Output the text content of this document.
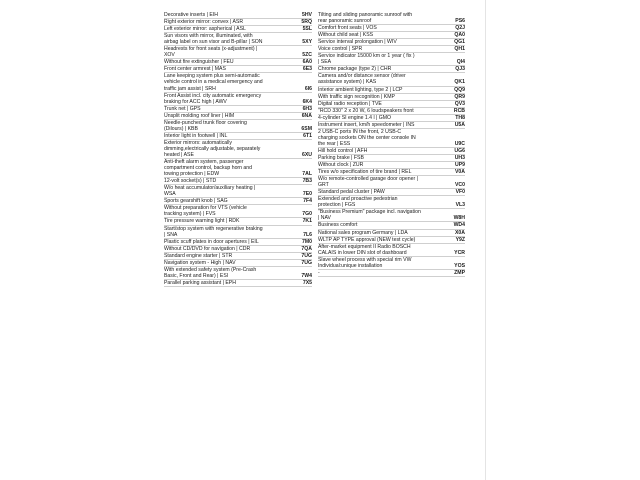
Decorative inserts | EIH	5HV
Right exterior mirror: convex | ASR	5RQ
Left exterior mirror: aspherical | ASL	5SL
Sun visors with mirror, illuminated, with
airbag label on sun visor and B-pillar | SON	5XY
Headrests for front seats (x-adjustment) |
XOV	5ZC
Without fire extinguisher | FEU	6A0
Front center armrest | MAS	6E3
Lane keeping system plus semi-automatic
vehicle control in a medical emergency and
traffic jam assist | SRH	6I6
Front Assist incl. city automatic emergency
braking for ACC high | AWV	6K4
Trunk net | GPS	6H3
Unsplit molding roof liner | HIM	6NA
Needle-punched trunk floor covering
(Dilours) | KBB	6SM
Interior light in footwell | INL	6T1
Exterior mirrors: automatically
dimming,electrically adjustable, separately
heated | ASE	6XU
Anti-theft alarm system, passenger
compartment control, backup horn and
towing protection | EDW	7AL
12-volt socket(s) | STD	7B3
W/o heat accumulator/auxiliary heating |
WSA	7E0
Sports gearshift knob | SAG	7F4
Without preparation for VTS (vehicle
tracking system) | FVS	7G0
Tire pressure warning light | RDK	7K1
Start/stop system with regenerative braking
| SNA	7L6
Plastic scuff plates in door apertures | EIL	7M0
Without CD/DVD for navigation | CDR	7QA
Standard engine starter | STR	7UG
Navigation system - High | NAV	7UG
With extended safety system (Pre-Crash
Basic, Front and Rear) | ESI	7W4
Parallel parking assistant | EPH	7X5
Tilting and sliding panoramic sunroof with
rear panoramic sunroof	PS6
Comfort front seats | VOS	Q2J
Without child seat | KSS	QA0
Service interval prolongation | WIV	QG1
Voice control | SPR	QH1
Service indicator 15000 km or 1 year ( fix )
| SEA	QI4
Chrome package (type 2) | CHR	QJ3
Camera and/or distance sensor (driver
assistance system) | KAS	QK1
Interior ambient lighting, type 2 | LCP	QQ9
With traffic sign recognition | KMP	QR9
Digital radio reception | TVE	QV3
"RCD 330" 2 x 20 W, 6 loudspeakers front	RCB
4-cylinder SI engine 1.4 l | GMO	TH8
Instrument insert, km/h speedometer | INS	U5A
2 USB-C ports IN the front, 2 USB-C
charging sockets ON the center console IN
the rear | ESS	U9C
Hill hold control | AFH	UG6
Parking brake | FSB	UH3
Without clock | ZUR	UP9
Tires w/o specification of tire brand | REL	V0A
W/o remote-controlled garage door opener |
GRT	VC0
Standard pedal cluster | PAW	VF0
Extended and proactive pedestrian
protection | FGS	VL3
"Business Premium" package incl. navigation
| NAV	W8H
Business comfort	WD4
National sales program Germany | LDA	X0A
WLTP AP TYPE approval (NEW test cycle)	Y9Z
After-market equipment II Radio BOSCH
CALAIS in lower DIN slot of dashboard	YCR
Slave wheel process with special rim VW
Individual:unique installation	YOS
-	ZMP
